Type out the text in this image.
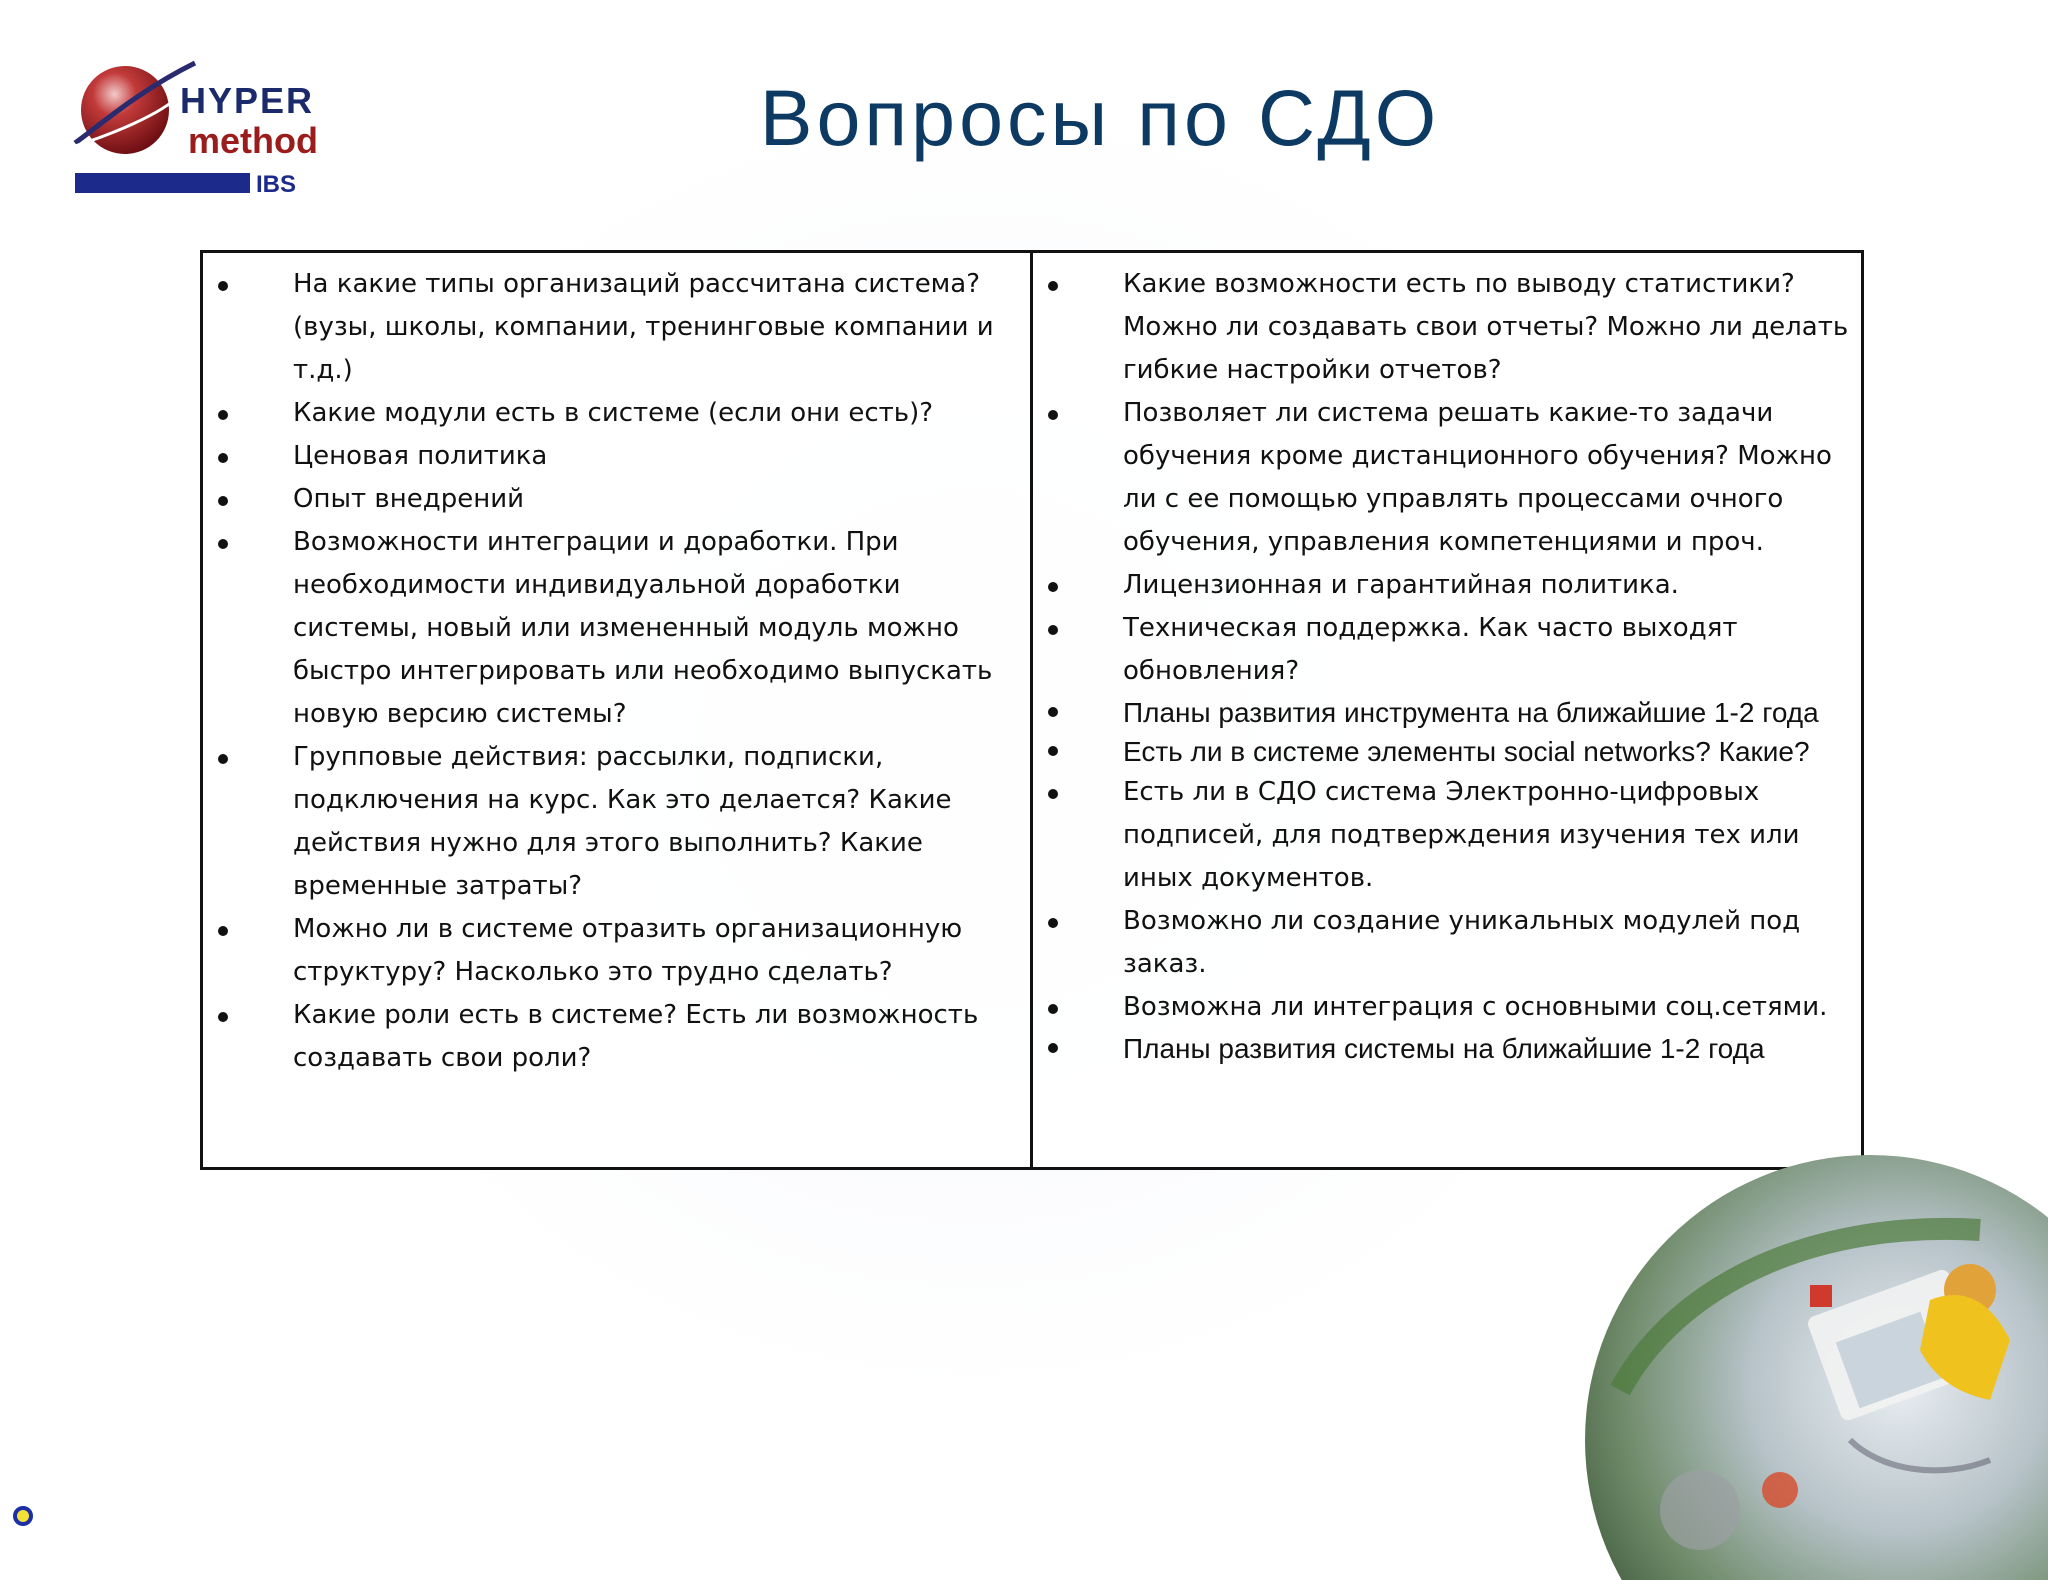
HYPER
method
IBS
Вопросы по СДО
На какие типы организаций рассчитана система? (вузы, школы, компании, тренинговые компании и т.д.)
Какие модули есть в системе (если они есть)?
Ценовая политика
Опыт внедрений
Возможности интеграции и доработки. При необходимости индивидуальной доработки системы, новый или измененный модуль можно быстро интегрировать или необходимо выпускать новую версию системы?
Групповые действия: рассылки, подписки, подключения на курс. Как это делается? Какие действия нужно для этого выполнить? Какие временные затраты?
Можно ли в системе отразить организационную структуру? Насколько это трудно сделать?
Какие роли есть в системе? Есть ли возможность создавать свои роли?
Какие возможности есть по выводу статистики? Можно ли создавать свои отчеты? Можно ли делать гибкие настройки отчетов?
Позволяет ли система решать какие-то задачи обучения кроме дистанционного обучения? Можно ли с ее помощью управлять процессами очного обучения, управления компетенциями и проч.
Лицензионная и гарантийная политика.
Техническая поддержка. Как часто выходят обновления?
Планы развития инструмента на ближайшие 1-2 года
Есть ли в системе элементы social networks? Какие?
Есть ли в СДО система Электронно-цифровых подписей, для подтверждения изучения тех или иных документов.
Возможно ли создание уникальных модулей под заказ.
Возможна ли интеграция с основными соц.сетями.
Планы развития системы на ближайшие 1-2 года
